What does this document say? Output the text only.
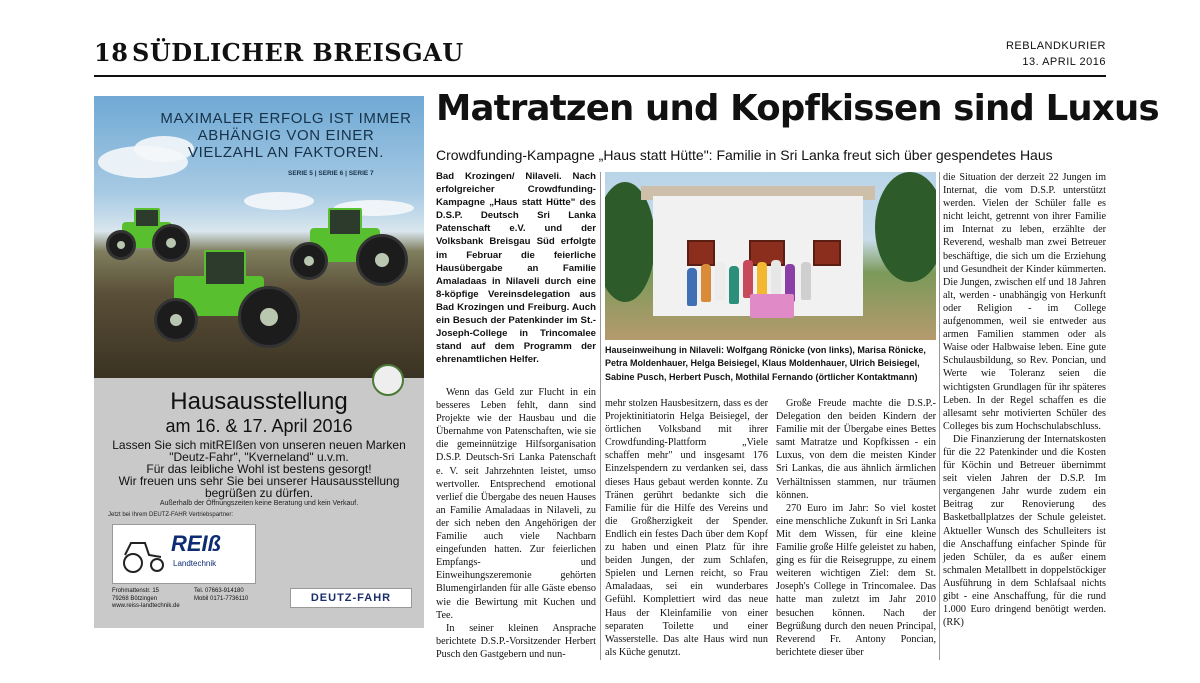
18 SÜDLICHER BREISGAU	REBLANDKURIER
13. APRIL 2016
MAXIMALER ERFOLG IST IMMER
ABHÄNGIG VON EINER
VIELZAHL AN FAKTOREN.
SERIE 5 | SERIE 6 | SERIE 7
Hausausstellung
am 16. & 17. April 2016
Lassen Sie sich mitREIßen von unseren neuen Marken
"Deutz-Fahr", "Kverneland" u.v.m.
Für das leibliche Wohl ist bestens gesorgt!
Wir freuen uns sehr Sie bei unserer Hausausstellung
begrüßen zu dürfen.
Außerhalb der Öffnungszeiten keine Beratung und kein Verkauf.
Jetzt bei Ihrem DEUTZ-FAHR Vertriebspartner:
REIß
Landtechnik
Frohmattenstr. 15
79268 Bötzingen
www.reiss-landtechnik.de
Tel. 07663-914180
Mobil 0171-7736110	DEUTZ-FAHR
Matratzen und Kopfkissen sind Luxus
Crowdfunding-Kampagne „Haus statt Hütte": Familie in Sri Lanka freut sich über gespendetes Haus
Bad Krozingen/ Nilaveli. Nach erfolgreicher Crowdfunding-Kampagne „Haus statt Hütte" des D.S.P. Deutsch Sri Lanka Patenschaft e.V. und der Volksbank Breisgau Süd erfolgte im Februar die feierliche Hausübergabe an Familie Amaladaas in Nilaveli durch eine 8-köpfige Vereinsdelegation aus Bad Krozingen und Freiburg. Auch ein Besuch der Patenkinder im St.-Joseph-College in Trincomalee stand auf dem Programm der ehrenamtlichen Helfer.

Wenn das Geld zur Flucht in ein besseres Leben fehlt, dann sind Projekte wie der Hausbau und die Übernahme von Patenschaften, wie sie die gemeinnützige Hilfsorganisation D.S.P. Deutsch-Sri Lanka Patenschaft e. V. seit Jahrzehnten leistet, umso wertvoller. Entsprechend emotional verlief die Übergabe des neuen Hauses an Familie Amaladaas in Nilaveli, zu der sich neben den Angehörigen der Familie auch viele Nachbarn eingefunden hatten. Zur feierlichen Empfangs- und Einweihungszeremonie gehörten Blumengirlanden für alle Gäste ebenso wie die Bewirtung mit Kuchen und Tee.

In seiner kleinen Ansprache berichtete D.S.P.-Vorsitzender Herbert Pusch den Gastgebern und nun-

Hauseinweihung in Nilaveli: Wolfgang Rönicke (von links), Marisa Rönicke, Petra Moldenhauer, Helga Beisiegel, Klaus Moldenhauer, Ulrich Beisiegel, Sabine Pusch, Herbert Pusch, Mothilal Fernando (örtlicher Kontaktmann)

mehr stolzen Hausbesitzern, dass es der Projektinitiatorin Helga Beisiegel, der örtlichen Volksband mit ihrer Crowdfunding-Plattform „Viele schaffen mehr" und insgesamt 176 Einzelspendern zu verdanken sei, dass dieses Haus gebaut werden konnte. Zu Tränen gerührt bedankte sich die Familie für die Hilfe des Vereins und die Großherzigkeit der Spender. Endlich ein festes Dach über dem Kopf zu haben und einen Platz für ihre beiden Jungen, der zum Schlafen, Spielen und Lernen reicht, so Frau Amaladaas, sei ein wunderbares Gefühl. Komplettiert wird das neue Haus der Kleinfamilie von einer separaten Toilette und einer Wasserstelle. Das alte Haus wird nun als Küche genutzt.

Große Freude machte die D.S.P.-Delegation den beiden Kindern der Familie mit der Übergabe eines Bettes samt Matratze und Kopfkissen - ein Luxus, von dem die meisten Kinder Sri Lankas, die aus ähnlich ärmlichen Verhältnissen stammen, nur träumen können.

270 Euro im Jahr: So viel kostet eine menschliche Zukunft in Sri Lanka Mit dem Wissen, für eine kleine Familie große Hilfe geleistet zu haben, ging es für die Reisegruppe, zu einem weiteren wichtigen Ziel: dem St. Joseph's College in Trincomalee. Das hatte man zuletzt im Jahr 2010 besuchen können. Nach der Begrüßung durch den neuen Principal, Reverend Fr. Antony Poncian, berichtete dieser über

die Situation der derzeit 22 Jungen im Internat, die vom D.S.P. unterstützt werden. Vielen der Schüler falle es nicht leicht, getrennt von ihrer Familie im Internat zu leben, erzählte der Reverend, weshalb man zwei Betreuer beschäftige, die sich um die Erziehung und Gesundheit der Kinder kümmerten. Die Jungen, zwischen elf und 18 Jahren alt, werden - unabhängig von Herkunft oder Religion - im College aufgenommen, weil sie entweder aus armen Familien stammen oder als Waise oder Halbwaise leben. Eine gute Schulausbildung, so Rev. Poncian, und Werte wie Toleranz seien die wichtigsten Grundlagen für ihr späteres Leben. In der Regel schaffen es die allesamt sehr motivierten Schüler des Colleges bis zum Hochschulabschluss.

Die Finanzierung der Internatskosten für die 22 Patenkinder und die Kosten für Köchin und Betreuer übernimmt seit vielen Jahren der D.S.P. Im vergangenen Jahr wurde zudem ein Beitrag zur Renovierung des Basketballplatzes der Schule geleistet. Aktueller Wunsch des Schulleiters ist die Anschaffung einfacher Spinde für jeden Schüler, da es außer einem schmalen Metallbett in doppelstöckiger Ausführung in dem Schlafsaal nichts gibt - eine Anschaffung, für die rund 1.000 Euro dringend benötigt werden. (RK)
